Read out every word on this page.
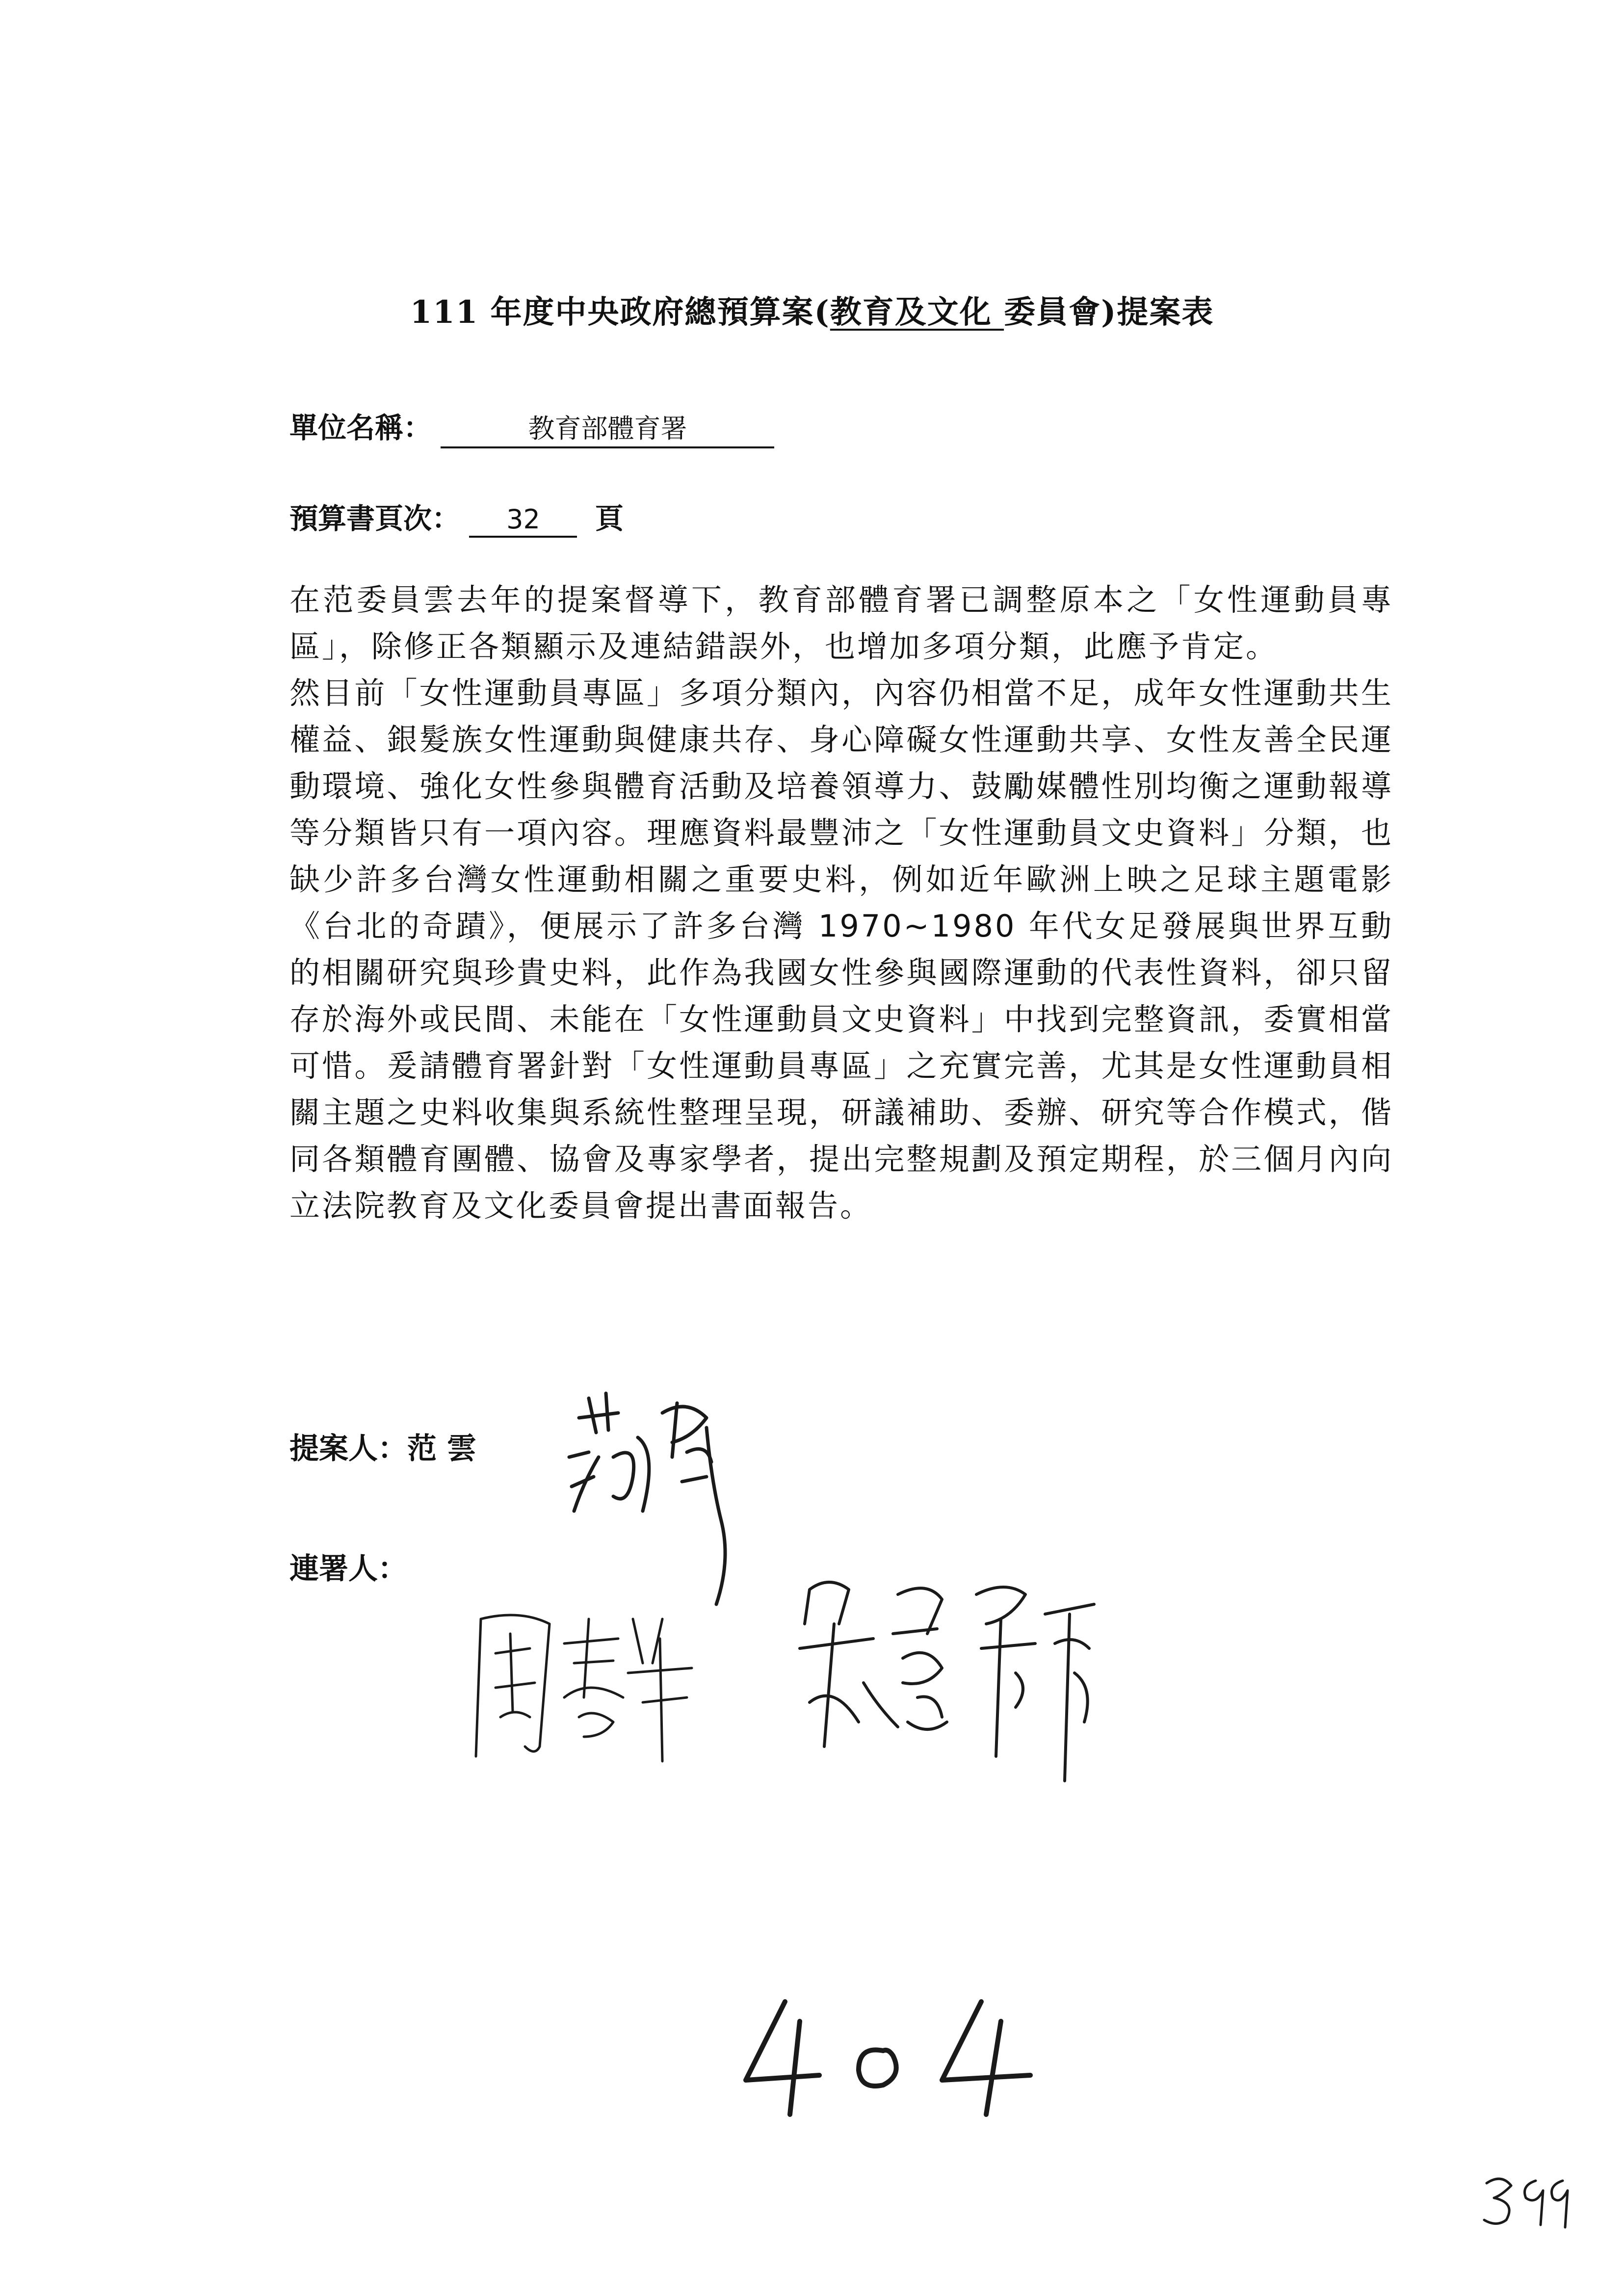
111 年度中央政府總預算案(教育及文化 委員會)提案表
單位名稱：	教育部體育署
預算書頁次： 32 頁

在范委員雲去年的提案督導下，教育部體育署已調整原本之「女性運動員專區」，除修正各類顯示及連結錯誤外，也增加多項分類，此應予肯定。

然目前「女性運動員專區」多項分類內，內容仍相當不足，成年女性運動共生權益、銀髮族女性運動與健康共存、身心障礙女性運動共享、女性友善全民運動環境、強化女性參與體育活動及培養領導力、鼓勵媒體性別均衡之運動報導等分類皆只有一項內容。理應資料最豐沛之「女性運動員文史資料」分類，也缺少許多台灣女性運動相關之重要史料，例如近年歐洲上映之足球主題電影《台北的奇蹟》，便展示了許多台灣 1970~1980 年代女足發展與世界互動的相關研究與珍貴史料，此作為我國女性參與國際運動的代表性資料，卻只留存於海外或民間、未能在「女性運動員文史資料」中找到完整資訊，委實相當可惜。爰請體育署針對「女性運動員專區」之充實完善，尤其是女性運動員相關主題之史料收集與系統性整理呈現，研議補助、委辦、研究等合作模式，偕同各類體育團體、協會及專家學者，提出完整規劃及預定期程，於三個月內向立法院教育及文化委員會提出書面報告。

提案人：范 雲
連署人：
